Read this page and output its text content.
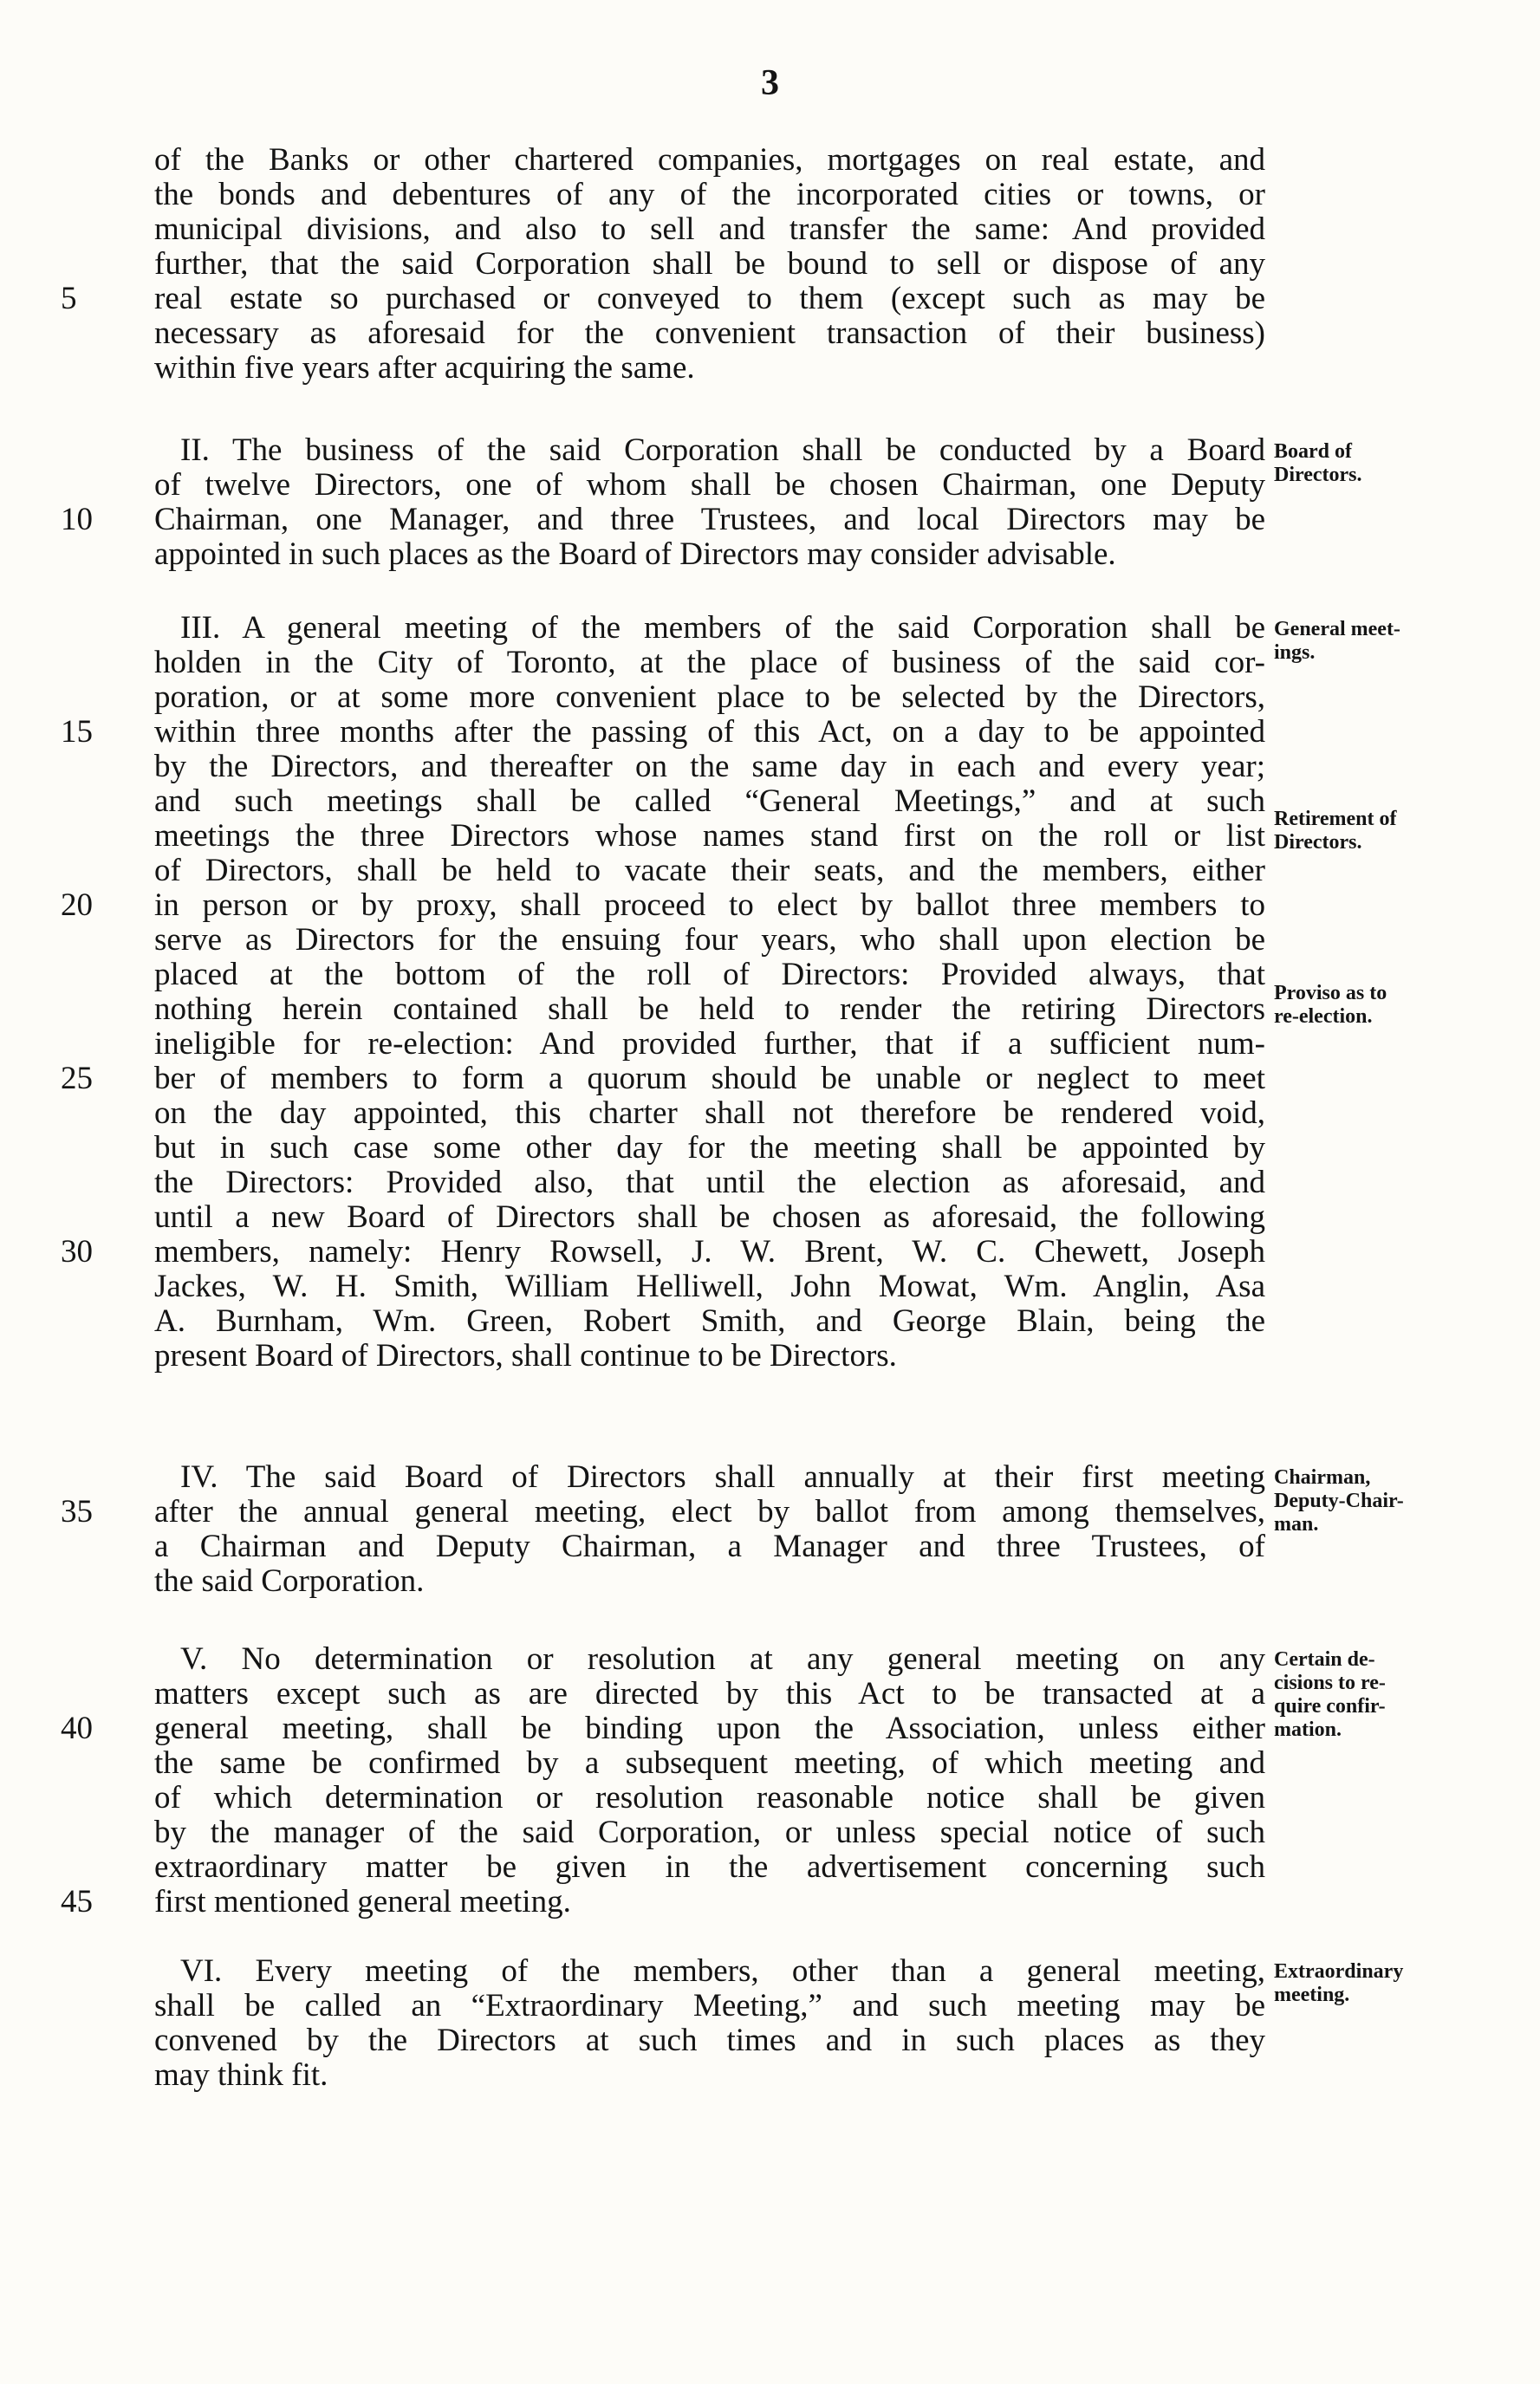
3
of the Banks or other chartered companies, mortgages on real estate, and
the bonds and debentures of any of the incorporated cities or towns, or
municipal divisions, and also to sell and transfer the same: And provided
further, that the said Corporation shall be bound to sell or dispose of any
real estate so purchased or conveyed to them (except such as may be
necessary as aforesaid for the convenient transaction of their business)
within five years after acquiring the same.
II. The business of the said Corporation shall be conducted by a Board
of twelve Directors, one of whom shall be chosen Chairman, one Deputy
Chairman, one Manager, and three Trustees, and local Directors may be
appointed in such places as the Board of Directors may consider advisable.
III. A general meeting of the members of the said Corporation shall be
holden in the City of Toronto, at the place of business of the said cor-
poration, or at some more convenient place to be selected by the Directors,
within three months after the passing of this Act, on a day to be appointed
by the Directors, and thereafter on the same day in each and every year;
and such meetings shall be called “General Meetings,” and at such
meetings the three Directors whose names stand first on the roll or list
of Directors, shall be held to vacate their seats, and the members, either
in person or by proxy, shall proceed to elect by ballot three members to
serve as Directors for the ensuing four years, who shall upon election be
placed at the bottom of the roll of Directors: Provided always, that
nothing herein contained shall be held to render the retiring Directors
ineligible for re-election: And provided further, that if a sufficient num-
ber of members to form a quorum should be unable or neglect to meet
on the day appointed, this charter shall not therefore be rendered void,
but in such case some other day for the meeting shall be appointed by
the Directors: Provided also, that until the election as aforesaid, and
until a new Board of Directors shall be chosen as aforesaid, the following
members, namely: Henry Rowsell, J. W. Brent, W. C. Chewett, Joseph
Jackes, W. H. Smith, William Helliwell, John Mowat, Wm. Anglin, Asa
A. Burnham, Wm. Green, Robert Smith, and George Blain, being the
present Board of Directors, shall continue to be Directors.
IV. The said Board of Directors shall annually at their first meeting
after the annual general meeting, elect by ballot from among themselves,
a Chairman and Deputy Chairman, a Manager and three Trustees, of
the said Corporation.
V. No determination or resolution at any general meeting on any
matters except such as are directed by this Act to be transacted at a
general meeting, shall be binding upon the Association, unless either
the same be confirmed by a subsequent meeting, of which meeting and
of which determination or resolution reasonable notice shall be given
by the manager of the said Corporation, or unless special notice of such
extraordinary matter be given in the advertisement concerning such
first mentioned general meeting.
VI. Every meeting of the members, other than a general meeting,
shall be called an “Extraordinary Meeting,” and such meeting may be
convened by the Directors at such times and in such places as they
may think fit.
5
10
15
20
25
30
35
40
45
Board of
Directors.
General meet-
ings.
Retirement of
Directors.
Proviso as to
re-election.
Chairman,
Deputy-Chair-
man.
Certain de-
cisions to re-
quire confir-
mation.
Extraordinary
meeting.
